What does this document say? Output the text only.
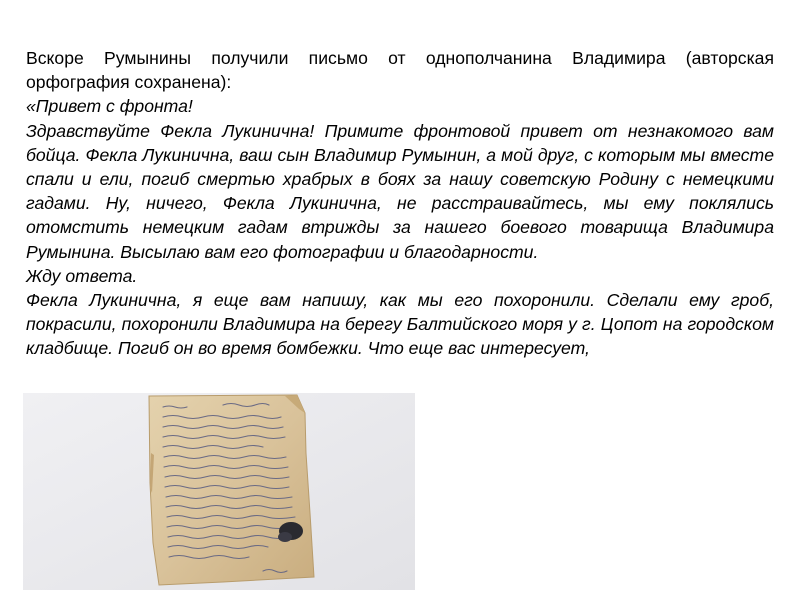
Вскоре Румынины получили письмо от однополчанина Владимира (авторская орфография сохранена):

«Привет с фронта!

Здравствуйте Фекла Лукинична! Примите фронтовой привет от незнакомого вам бойца. Фекла Лукинична, ваш сын Владимир Румынин, а мой друг, с которым мы вместе спали и ели, погиб смертью храбрых в боях за нашу советскую Родину с немецкими гадами. Ну, ничего, Фекла Лукинична, не расстраивайтесь, мы ему поклялись отомстить немецким гадам втрижды за нашего боевого товарища Владимира Румынина. Высылаю вам его фотографии и благодарности.

Жду ответа.

Фекла Лукинична, я еще вам напишу, как мы его похоронили. Сделали ему гроб, покрасили, похоронили Владимира на берегу Балтийского моря у г. Цопот на городском кладбище. Погиб он во время бомбежки. Что еще вас интересует,
